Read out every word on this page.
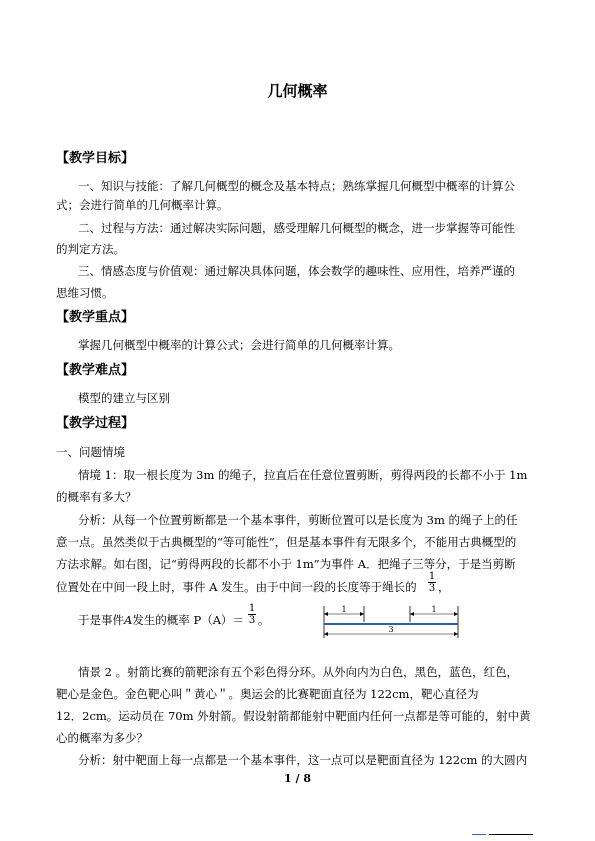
几何概率
【教学目标】
一、知识与技能：了解几何概型的概念及基本特点；熟练掌握几何概型中概率的计算公
式；会进行简单的几何概率计算。
二、过程与方法：通过解决实际问题，感受理解几何概型的概念，进一步掌握等可能性
的判定方法。
三、情感态度与价值观：通过解决具体问题，体会数学的趣味性、应用性，培养严谨的
思维习惯。
【教学重点】
掌握几何概型中概率的计算公式；会进行简单的几何概率计算。
【教学难点】
模型的建立与区别
【教学过程】
一、问题情境
情境 1：取一根长度为 3m 的绳子，拉直后在任意位置剪断，剪得两段的长都不小于 1m
的概率有多大？
分析：从每一个位置剪断都是一个基本事件，剪断位置可以是长度为 3m 的绳子上的任
意一点。虽然类似于古典概型的“等可能性”，但是基本事件有无限多个，不能用古典概型的
方法求解。如右图，记“剪得两段的长都不小于 1m”为事件 A．把绳子三等分，于是当剪断
位置处在中间一段上时，事件 A 发生。由于中间一段的长度等于绳长的
1
3 ，
于是事件A发生的概率 P（A）＝
1
3 。
1	1
3
情景 2 。射箭比赛的箭靶涂有五个彩色得分环。从外向内为白色，黑色，蓝色，红色，
靶心是金色。金色靶心叫＂黄心＂。奥运会的比赛靶面直径为 122cm，靶心直径为
12．2cm。运动员在 70m 外射箭。假设射箭都能射中靶面内任何一点都是等可能的，射中黄
心的概率为多少？
分析：射中靶面上每一点都是一个基本事件，这一点可以是靶面直径为 122cm 的大圆内
1 / 8
